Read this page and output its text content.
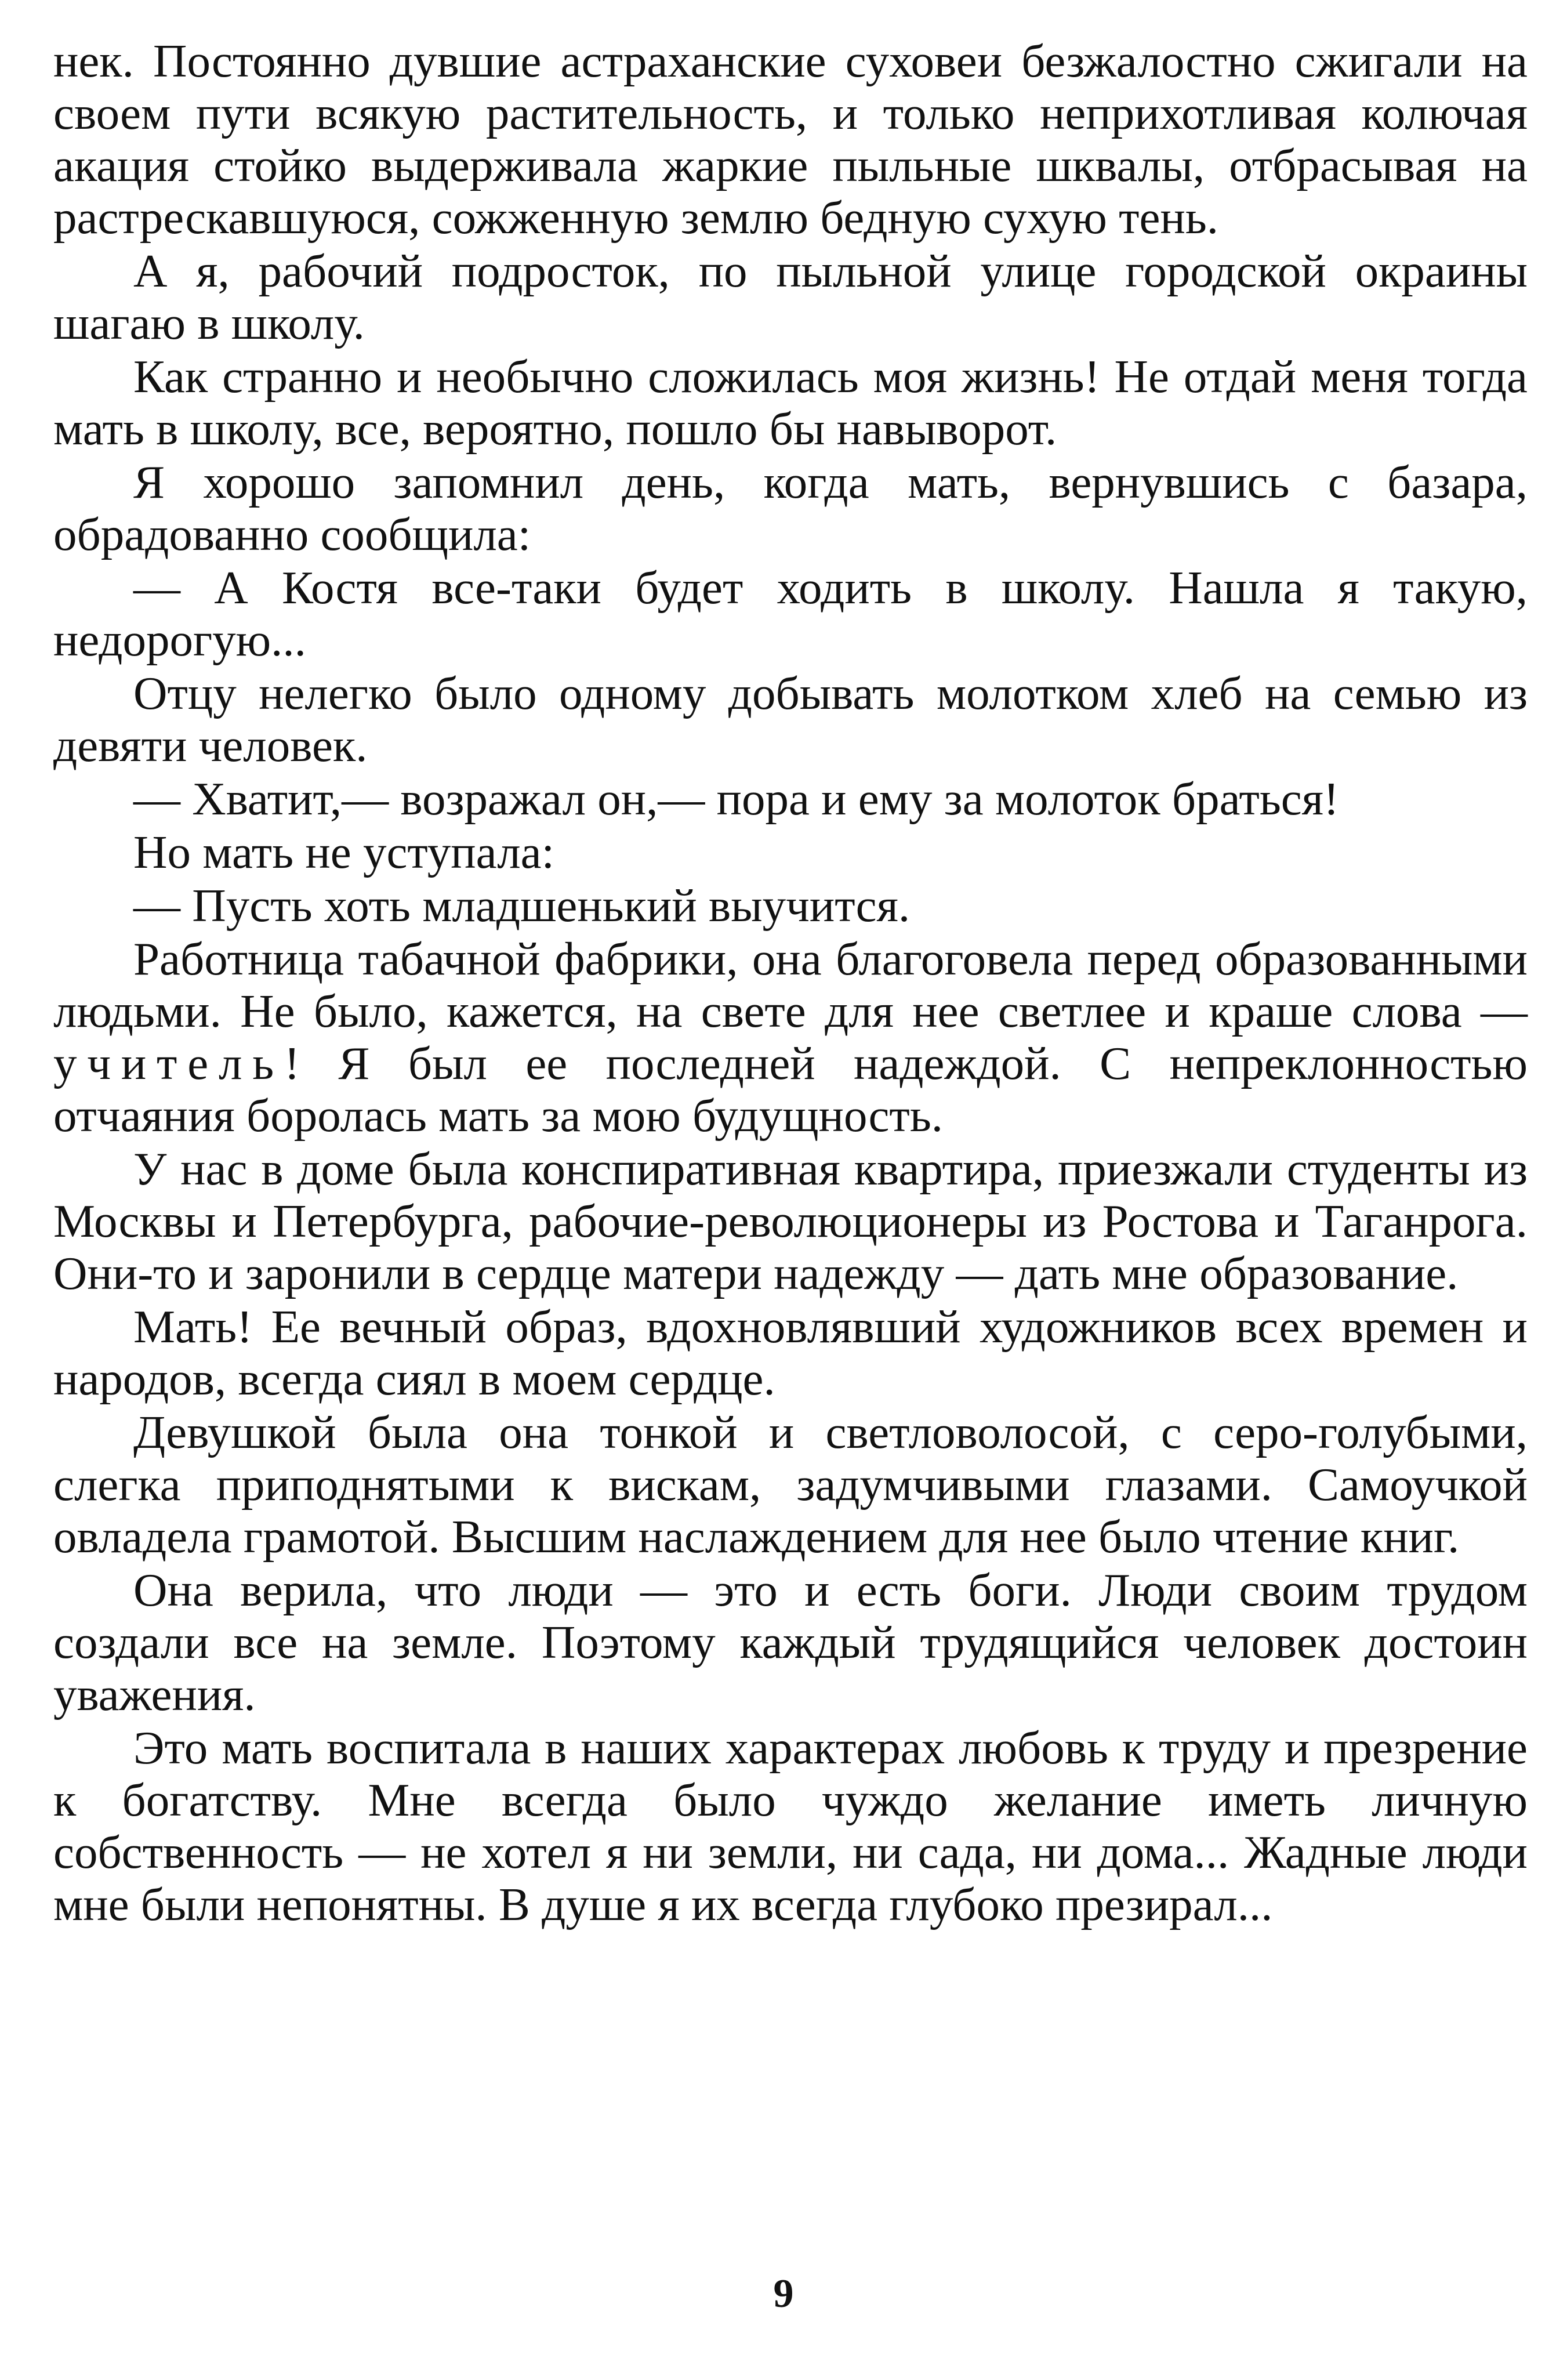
нек. Постоянно дувшие астраханские суховеи безжалостно сжигали на своем пути всякую растительность, и только неприхотливая колючая акация стойко выдерживала жаркие пыльные шквалы, отбрасывая на растрескавшуюся, сожженную землю бедную сухую тень.

А я, рабочий подросток, по пыльной улице городской окраины шагаю в школу.

Как странно и необычно сложилась моя жизнь! Не отдай меня тогда мать в школу, все, вероятно, пошло бы навыворот.

Я хорошо запомнил день, когда мать, вернувшись с базара, обрадованно сообщила:

— А Костя все-таки будет ходить в школу. Нашла я такую, недорогую...

Отцу нелегко было одному добывать молотком хлеб на семью из девяти человек.

— Хватит,— возражал он,— пора и ему за молоток браться!

Но мать не уступала:

— Пусть хоть младшенький выучится.

Работница табачной фабрики, она благоговела перед образованными людьми. Не было, кажется, на свете для нее светлее и краше слова — учитель! Я был ее последней надеждой. С непреклонностью отчаяния боролась мать за мою будущность.

У нас в доме была конспиративная квартира, приезжали студенты из Москвы и Петербурга, рабочие-революционеры из Ростова и Таганрога. Они-то и заронили в сердце матери надежду — дать мне образование.

Мать! Ее вечный образ, вдохновлявший художников всех времен и народов, всегда сиял в моем сердце.

Девушкой была она тонкой и светловолосой, с серо-голубыми, слегка приподнятыми к вискам, задумчивыми глазами. Самоучкой овладела грамотой. Высшим наслаждением для нее было чтение книг.

Она верила, что люди — это и есть боги. Люди своим трудом создали все на земле. Поэтому каждый трудящийся человек достоин уважения.

Это мать воспитала в наших характерах любовь к труду и презрение к богатству. Мне всегда было чуждо желание иметь личную собственность — не хотел я ни земли, ни сада, ни дома... Жадные люди мне были непонятны. В душе я их всегда глубоко презирал...

9
